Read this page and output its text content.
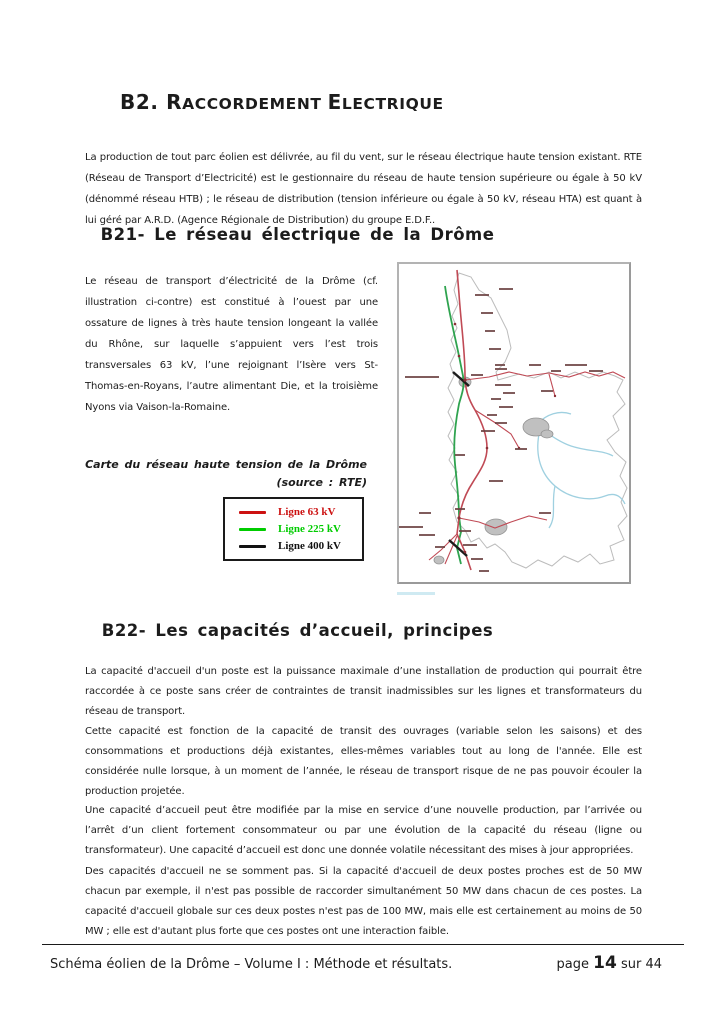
B2. RACCORDEMENT ELECTRIQUE

La production de tout parc éolien est délivrée, au fil du vent, sur le réseau électrique haute tension existant. RTE (Réseau de Transport d’Electricité) est le gestionnaire du réseau de haute tension supérieure ou égale à 50 kV (dénommé réseau HTB) ; le réseau de distribution (tension inférieure ou égale à 50 kV, réseau HTA) est quant à lui géré par A.R.D. (Agence Régionale de Distribution) du groupe E.D.F..

B21- Le réseau électrique de la Drôme

Le réseau de transport d’électricité de la Drôme (cf. illustration ci-contre) est constitué à l’ouest par une ossature de lignes à très haute tension longeant la vallée du Rhône, sur laquelle s’appuient vers l’est trois transversales 63 kV, l’une rejoignant l’Isère vers St-Thomas-en-Royans, l’autre alimentant Die, et la troisième Nyons via Vaison-la-Romaine.

Carte du réseau haute tension de la Drôme
(source : RTE)
Ligne 63 kV
Ligne 225 kV
Ligne 400 kV
B22- Les capacités d’accueil, principes

La capacité d'accueil d'un poste est la puissance maximale d’une installation de production qui pourrait être raccordée à ce poste sans créer de contraintes de transit inadmissibles sur les lignes et transformateurs du réseau de transport.

Cette capacité est fonction de la capacité de transit des ouvrages (variable selon les saisons) et des consommations et productions déjà existantes, elles-mêmes variables tout au long de l'année. Elle est considérée nulle lorsque, à un moment de l’année, le réseau de transport risque de ne pas pouvoir écouler la production projetée.

Une capacité d’accueil peut être modifiée par la mise en service d’une nouvelle production, par l’arrivée ou l’arrêt d’un client fortement consommateur ou par une évolution de la capacité du réseau (ligne ou transformateur). Une capacité d’accueil est donc une donnée volatile nécessitant des mises à jour appropriées.

Des capacités d'accueil ne se somment pas. Si la capacité d'accueil de deux postes proches est de 50 MW chacun par exemple, il n'est pas possible de raccorder simultanément 50 MW dans chacun de ces postes. La capacité d'accueil globale sur ces deux postes n'est pas de 100 MW, mais elle est certainement au moins de 50 MW ; elle est d'autant plus forte que ces postes ont une interaction faible.

Schéma éolien de la Drôme – Volume I : Méthode et résultats.	page 14 sur 44
